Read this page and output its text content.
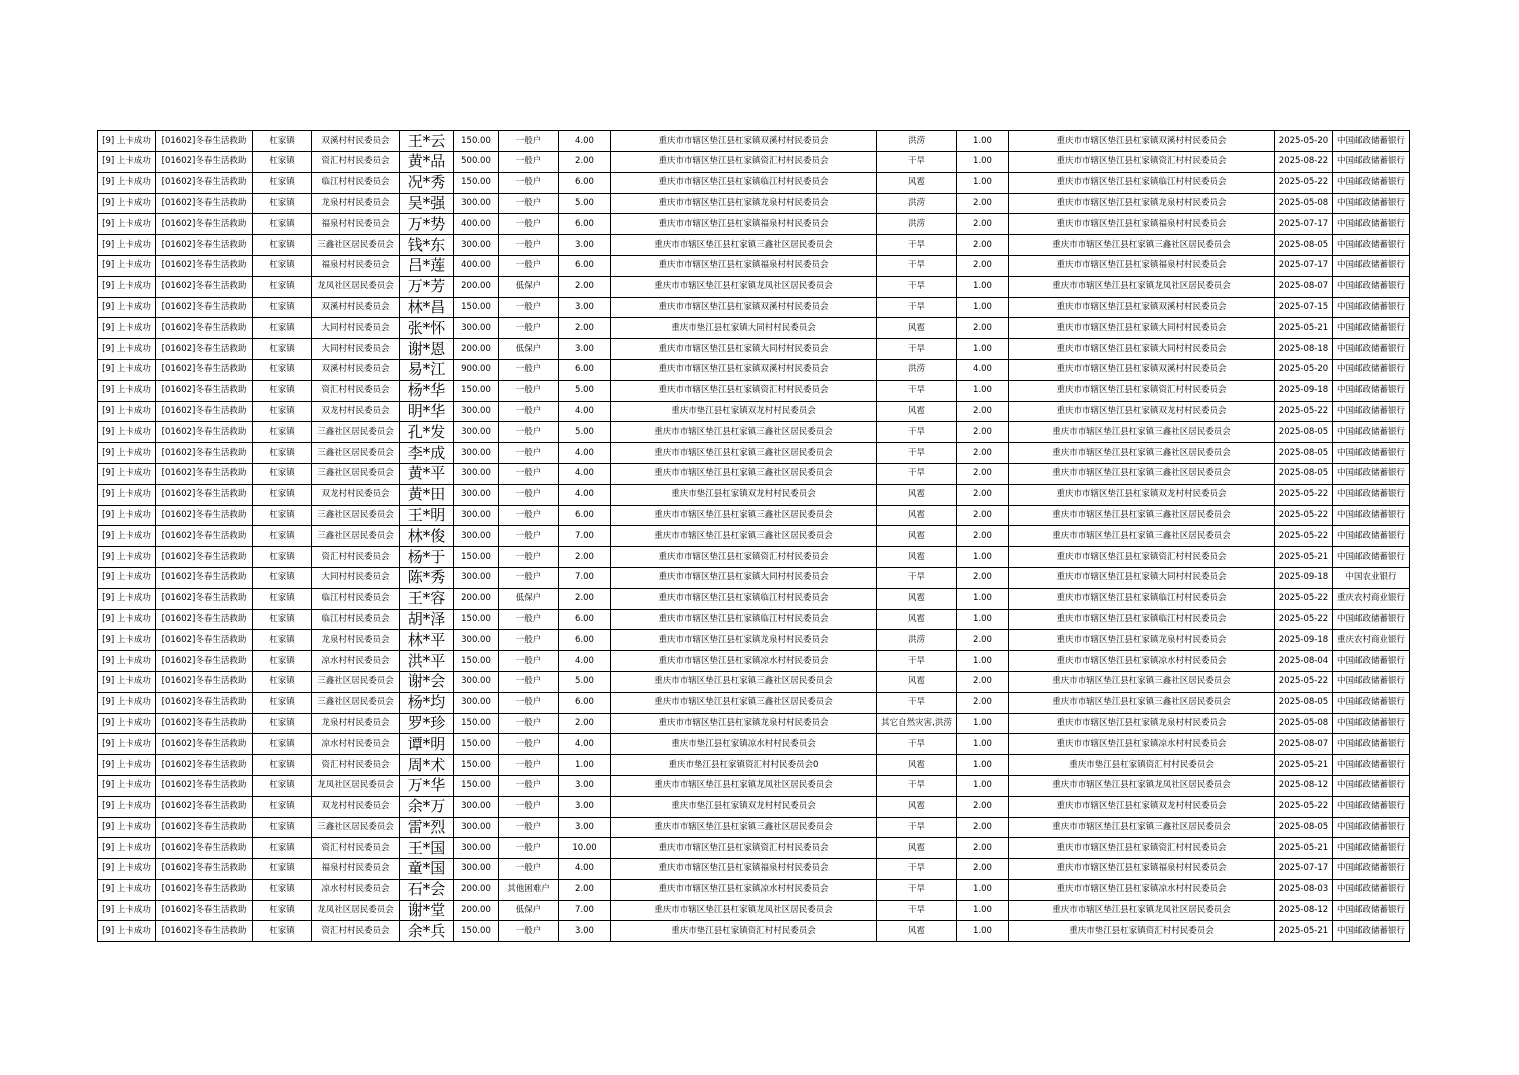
[9] 上卡成功	[01602]冬春生活救助	杠家镇	双溪村村民委员会	王*云	150.00	一般户	4.00	重庆市市辖区垫江县杠家镇双溪村村民委员会	洪涝	1.00	重庆市市辖区垫江县杠家镇双溪村村民委员会	2025-05-20	中国邮政储蓄银行
[9] 上卡成功	[01602]冬春生活救助	杠家镇	资汇村村民委员会	黄*品	500.00	一般户	2.00	重庆市市辖区垫江县杠家镇资汇村村民委员会	干旱	1.00	重庆市市辖区垫江县杠家镇资汇村村民委员会	2025-08-22	中国邮政储蓄银行
[9] 上卡成功	[01602]冬春生活救助	杠家镇	临江村村民委员会	况*秀	150.00	一般户	6.00	重庆市市辖区垫江县杠家镇临江村村民委员会	风雹	1.00	重庆市市辖区垫江县杠家镇临江村村民委员会	2025-05-22	中国邮政储蓄银行
[9] 上卡成功	[01602]冬春生活救助	杠家镇	龙泉村村民委员会	吴*强	300.00	一般户	5.00	重庆市市辖区垫江县杠家镇龙泉村村民委员会	洪涝	2.00	重庆市市辖区垫江县杠家镇龙泉村村民委员会	2025-05-08	中国邮政储蓄银行
[9] 上卡成功	[01602]冬春生活救助	杠家镇	福泉村村民委员会	万*势	400.00	一般户	6.00	重庆市市辖区垫江县杠家镇福泉村村民委员会	洪涝	2.00	重庆市市辖区垫江县杠家镇福泉村村民委员会	2025-07-17	中国邮政储蓄银行
[9] 上卡成功	[01602]冬春生活救助	杠家镇	三鑫社区居民委员会	钱*东	300.00	一般户	3.00	重庆市市辖区垫江县杠家镇三鑫社区居民委员会	干旱	2.00	重庆市市辖区垫江县杠家镇三鑫社区居民委员会	2025-08-05	中国邮政储蓄银行
[9] 上卡成功	[01602]冬春生活救助	杠家镇	福泉村村民委员会	吕*莲	400.00	一般户	6.00	重庆市市辖区垫江县杠家镇福泉村村民委员会	干旱	2.00	重庆市市辖区垫江县杠家镇福泉村村民委员会	2025-07-17	中国邮政储蓄银行
[9] 上卡成功	[01602]冬春生活救助	杠家镇	龙凤社区居民委员会	万*芳	200.00	低保户	2.00	重庆市市辖区垫江县杠家镇龙凤社区居民委员会	干旱	1.00	重庆市市辖区垫江县杠家镇龙凤社区居民委员会	2025-08-07	中国邮政储蓄银行
[9] 上卡成功	[01602]冬春生活救助	杠家镇	双溪村村民委员会	林*昌	150.00	一般户	3.00	重庆市市辖区垫江县杠家镇双溪村村民委员会	干旱	1.00	重庆市市辖区垫江县杠家镇双溪村村民委员会	2025-07-15	中国邮政储蓄银行
[9] 上卡成功	[01602]冬春生活救助	杠家镇	大同村村民委员会	张*怀	300.00	一般户	2.00	重庆市垫江县杠家镇大同村村民委员会	风雹	2.00	重庆市市辖区垫江县杠家镇大同村村民委员会	2025-05-21	中国邮政储蓄银行
[9] 上卡成功	[01602]冬春生活救助	杠家镇	大同村村民委员会	谢*恩	200.00	低保户	3.00	重庆市市辖区垫江县杠家镇大同村村民委员会	干旱	1.00	重庆市市辖区垫江县杠家镇大同村村民委员会	2025-08-18	中国邮政储蓄银行
[9] 上卡成功	[01602]冬春生活救助	杠家镇	双溪村村民委员会	易*江	900.00	一般户	6.00	重庆市市辖区垫江县杠家镇双溪村村民委员会	洪涝	4.00	重庆市市辖区垫江县杠家镇双溪村村民委员会	2025-05-20	中国邮政储蓄银行
[9] 上卡成功	[01602]冬春生活救助	杠家镇	资汇村村民委员会	杨*华	150.00	一般户	5.00	重庆市市辖区垫江县杠家镇资汇村村民委员会	干旱	1.00	重庆市市辖区垫江县杠家镇资汇村村民委员会	2025-09-18	中国邮政储蓄银行
[9] 上卡成功	[01602]冬春生活救助	杠家镇	双龙村村民委员会	明*华	300.00	一般户	4.00	重庆市垫江县杠家镇双龙村村民委员会	风雹	2.00	重庆市市辖区垫江县杠家镇双龙村村民委员会	2025-05-22	中国邮政储蓄银行
[9] 上卡成功	[01602]冬春生活救助	杠家镇	三鑫社区居民委员会	孔*发	300.00	一般户	5.00	重庆市市辖区垫江县杠家镇三鑫社区居民委员会	干旱	2.00	重庆市市辖区垫江县杠家镇三鑫社区居民委员会	2025-08-05	中国邮政储蓄银行
[9] 上卡成功	[01602]冬春生活救助	杠家镇	三鑫社区居民委员会	李*成	300.00	一般户	4.00	重庆市市辖区垫江县杠家镇三鑫社区居民委员会	干旱	2.00	重庆市市辖区垫江县杠家镇三鑫社区居民委员会	2025-08-05	中国邮政储蓄银行
[9] 上卡成功	[01602]冬春生活救助	杠家镇	三鑫社区居民委员会	黄*平	300.00	一般户	4.00	重庆市市辖区垫江县杠家镇三鑫社区居民委员会	干旱	2.00	重庆市市辖区垫江县杠家镇三鑫社区居民委员会	2025-08-05	中国邮政储蓄银行
[9] 上卡成功	[01602]冬春生活救助	杠家镇	双龙村村民委员会	黄*田	300.00	一般户	4.00	重庆市垫江县杠家镇双龙村村民委员会	风雹	2.00	重庆市市辖区垫江县杠家镇双龙村村民委员会	2025-05-22	中国邮政储蓄银行
[9] 上卡成功	[01602]冬春生活救助	杠家镇	三鑫社区居民委员会	王*明	300.00	一般户	6.00	重庆市市辖区垫江县杠家镇三鑫社区居民委员会	风雹	2.00	重庆市市辖区垫江县杠家镇三鑫社区居民委员会	2025-05-22	中国邮政储蓄银行
[9] 上卡成功	[01602]冬春生活救助	杠家镇	三鑫社区居民委员会	林*俊	300.00	一般户	7.00	重庆市市辖区垫江县杠家镇三鑫社区居民委员会	风雹	2.00	重庆市市辖区垫江县杠家镇三鑫社区居民委员会	2025-05-22	中国邮政储蓄银行
[9] 上卡成功	[01602]冬春生活救助	杠家镇	资汇村村民委员会	杨*于	150.00	一般户	2.00	重庆市市辖区垫江县杠家镇资汇村村民委员会	风雹	1.00	重庆市市辖区垫江县杠家镇资汇村村民委员会	2025-05-21	中国邮政储蓄银行
[9] 上卡成功	[01602]冬春生活救助	杠家镇	大同村村民委员会	陈*秀	300.00	一般户	7.00	重庆市市辖区垫江县杠家镇大同村村民委员会	干旱	2.00	重庆市市辖区垫江县杠家镇大同村村民委员会	2025-09-18	中国农业银行
[9] 上卡成功	[01602]冬春生活救助	杠家镇	临江村村民委员会	王*容	200.00	低保户	2.00	重庆市市辖区垫江县杠家镇临江村村民委员会	风雹	1.00	重庆市市辖区垫江县杠家镇临江村村民委员会	2025-05-22	重庆农村商业银行
[9] 上卡成功	[01602]冬春生活救助	杠家镇	临江村村民委员会	胡*泽	150.00	一般户	6.00	重庆市市辖区垫江县杠家镇临江村村民委员会	风雹	1.00	重庆市市辖区垫江县杠家镇临江村村民委员会	2025-05-22	中国邮政储蓄银行
[9] 上卡成功	[01602]冬春生活救助	杠家镇	龙泉村村民委员会	林*平	300.00	一般户	6.00	重庆市市辖区垫江县杠家镇龙泉村村民委员会	洪涝	2.00	重庆市市辖区垫江县杠家镇龙泉村村民委员会	2025-09-18	重庆农村商业银行
[9] 上卡成功	[01602]冬春生活救助	杠家镇	凉水村村民委员会	洪*平	150.00	一般户	4.00	重庆市市辖区垫江县杠家镇凉水村村民委员会	干旱	1.00	重庆市市辖区垫江县杠家镇凉水村村民委员会	2025-08-04	中国邮政储蓄银行
[9] 上卡成功	[01602]冬春生活救助	杠家镇	三鑫社区居民委员会	谢*会	300.00	一般户	5.00	重庆市市辖区垫江县杠家镇三鑫社区居民委员会	风雹	2.00	重庆市市辖区垫江县杠家镇三鑫社区居民委员会	2025-05-22	中国邮政储蓄银行
[9] 上卡成功	[01602]冬春生活救助	杠家镇	三鑫社区居民委员会	杨*均	300.00	一般户	6.00	重庆市市辖区垫江县杠家镇三鑫社区居民委员会	干旱	2.00	重庆市市辖区垫江县杠家镇三鑫社区居民委员会	2025-08-05	中国邮政储蓄银行
[9] 上卡成功	[01602]冬春生活救助	杠家镇	龙泉村村民委员会	罗*珍	150.00	一般户	2.00	重庆市市辖区垫江县杠家镇龙泉村村民委员会	其它自然灾害,洪涝	1.00	重庆市市辖区垫江县杠家镇龙泉村村民委员会	2025-05-08	中国邮政储蓄银行
[9] 上卡成功	[01602]冬春生活救助	杠家镇	凉水村村民委员会	谭*明	150.00	一般户	4.00	重庆市垫江县杠家镇凉水村村民委员会	干旱	1.00	重庆市市辖区垫江县杠家镇凉水村村民委员会	2025-08-07	中国邮政储蓄银行
[9] 上卡成功	[01602]冬春生活救助	杠家镇	资汇村村民委员会	周*术	150.00	一般户	1.00	重庆市垫江县杠家镇资汇村村民委员会0	风雹	1.00	重庆市垫江县杠家镇资汇村村民委员会	2025-05-21	中国邮政储蓄银行
[9] 上卡成功	[01602]冬春生活救助	杠家镇	龙凤社区居民委员会	万*华	150.00	一般户	3.00	重庆市市辖区垫江县杠家镇龙凤社区居民委员会	干旱	1.00	重庆市市辖区垫江县杠家镇龙凤社区居民委员会	2025-08-12	中国邮政储蓄银行
[9] 上卡成功	[01602]冬春生活救助	杠家镇	双龙村村民委员会	余*万	300.00	一般户	3.00	重庆市垫江县杠家镇双龙村村民委员会	风雹	2.00	重庆市市辖区垫江县杠家镇双龙村村民委员会	2025-05-22	中国邮政储蓄银行
[9] 上卡成功	[01602]冬春生活救助	杠家镇	三鑫社区居民委员会	雷*烈	300.00	一般户	3.00	重庆市市辖区垫江县杠家镇三鑫社区居民委员会	干旱	2.00	重庆市市辖区垫江县杠家镇三鑫社区居民委员会	2025-08-05	中国邮政储蓄银行
[9] 上卡成功	[01602]冬春生活救助	杠家镇	资汇村村民委员会	王*国	300.00	一般户	10.00	重庆市市辖区垫江县杠家镇资汇村村民委员会	风雹	2.00	重庆市市辖区垫江县杠家镇资汇村村民委员会	2025-05-21	中国邮政储蓄银行
[9] 上卡成功	[01602]冬春生活救助	杠家镇	福泉村村民委员会	童*国	300.00	一般户	4.00	重庆市市辖区垫江县杠家镇福泉村村民委员会	干旱	2.00	重庆市市辖区垫江县杠家镇福泉村村民委员会	2025-07-17	中国邮政储蓄银行
[9] 上卡成功	[01602]冬春生活救助	杠家镇	凉水村村民委员会	石*会	200.00	其他困难户	2.00	重庆市市辖区垫江县杠家镇凉水村村民委员会	干旱	1.00	重庆市市辖区垫江县杠家镇凉水村村民委员会	2025-08-03	中国邮政储蓄银行
[9] 上卡成功	[01602]冬春生活救助	杠家镇	龙凤社区居民委员会	谢*堂	200.00	低保户	7.00	重庆市市辖区垫江县杠家镇龙凤社区居民委员会	干旱	1.00	重庆市市辖区垫江县杠家镇龙凤社区居民委员会	2025-08-12	中国邮政储蓄银行
[9] 上卡成功	[01602]冬春生活救助	杠家镇	资汇村村民委员会	余*兵	150.00	一般户	3.00	重庆市垫江县杠家镇资汇村村民委员会	风雹	1.00	重庆市垫江县杠家镇资汇村村民委员会	2025-05-21	中国邮政储蓄银行
